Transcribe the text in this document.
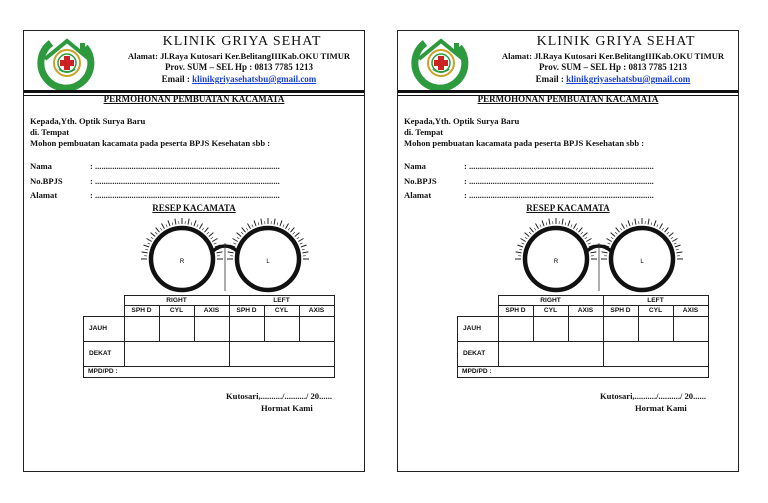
KLINIK GRIYA SEHAT
Alamat: Jl.Raya Kutosari Ker.BelitangIIIKab.OKU TIMUR
Prov. SUM – SEL Hp : 0813 7785 1213
Email : klinikgriyasehatsbu@gmail.com
PERMOHONAN PEMBUATAN KACAMATA
Kepada,Yth. Optik Surya Baru
di. Tempat
Mohon pembuatan kacamata pada peserta BPJS Kesehatan sbb :
Nama	: ......................................................................................
No.BPJS	: ......................................................................................
Alamat	: ......................................................................................
RESEP KACAMATA
R	L
	RIGHT			LEFT		
	SPH D	CYL	AXIS	SPH D	CYL	AXIS
JAUH						
DEKAT						
MPD/PD :						
Kutosari,........../........../ 20......
Hormat Kami
KLINIK GRIYA SEHAT
Alamat: Jl.Raya Kutosari Ker.BelitangIIIKab.OKU TIMUR
Prov. SUM – SEL Hp : 0813 7785 1213
Email : klinikgriyasehatsbu@gmail.com
PERMOHONAN PEMBUATAN KACAMATA
Kepada,Yth. Optik Surya Baru
di. Tempat
Mohon pembuatan kacamata pada peserta BPJS Kesehatan sbb :
Nama	: ......................................................................................
No.BPJS	: ......................................................................................
Alamat	: ......................................................................................
RESEP KACAMATA
R	L
	RIGHT			LEFT		
	SPH D	CYL	AXIS	SPH D	CYL	AXIS
JAUH						
DEKAT						
MPD/PD :						
Kutosari,........../........../ 20......
Hormat Kami
